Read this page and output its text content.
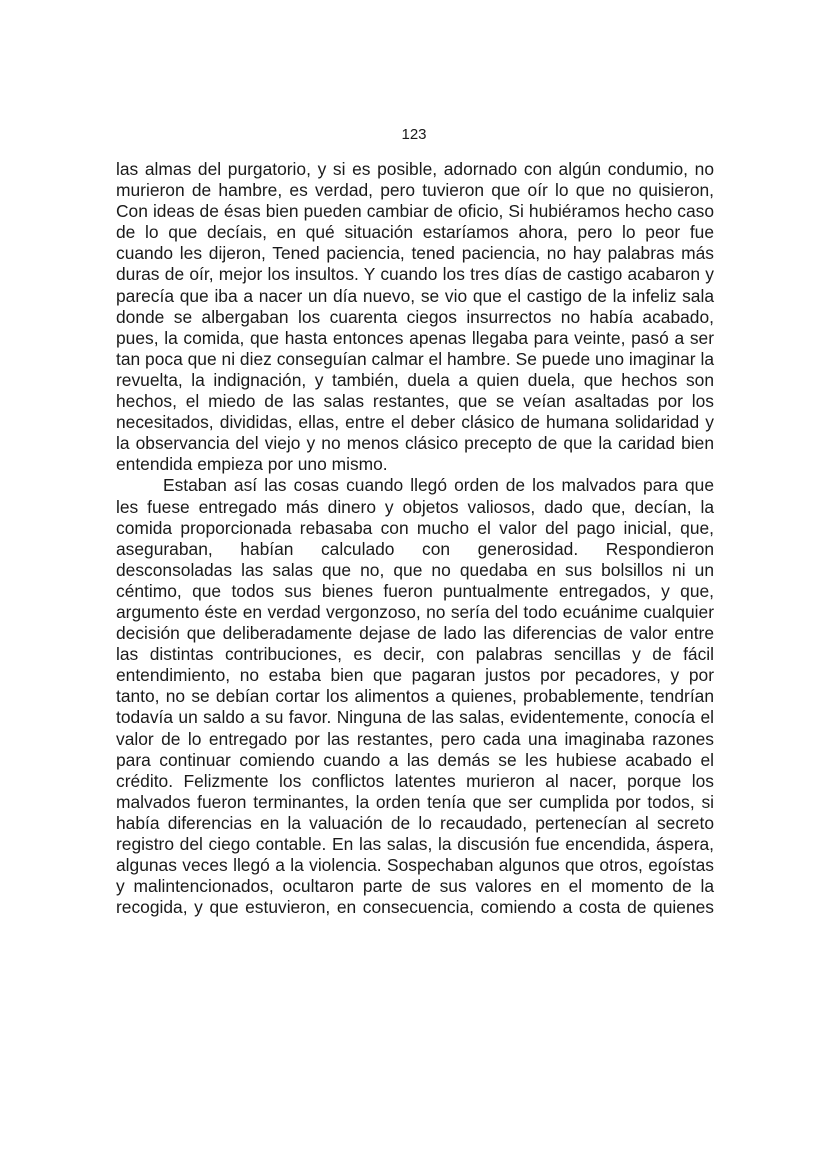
123

las almas del purgatorio, y si es posible, adornado con algún condumio, no murieron de hambre, es verdad, pero tuvieron que oír lo que no quisieron, Con ideas de ésas bien pueden cambiar de oficio, Si hubiéramos hecho caso de lo que decíais, en qué situación estaríamos ahora, pero lo peor fue cuando les dijeron, Tened paciencia, tened paciencia, no hay palabras más duras de oír, mejor los insultos. Y cuando los tres días de castigo acabaron y parecía que iba a nacer un día nuevo, se vio que el castigo de la infeliz sala donde se albergaban los cuarenta ciegos insurrectos no había acabado, pues, la comida, que hasta entonces apenas llegaba para veinte, pasó a ser tan poca que ni diez conseguían calmar el hambre. Se puede uno imaginar la revuelta, la indignación, y también, duela a quien duela, que hechos son hechos, el miedo de las salas restantes, que se veían asaltadas por los necesitados, divididas, ellas, entre el deber clásico de humana solidaridad y la observancia del viejo y no menos clásico precepto de que la caridad bien entendida empieza por uno mismo.

Estaban así las cosas cuando llegó orden de los malvados para que les fuese entregado más dinero y objetos valiosos, dado que, decían, la comida proporcionada rebasaba con mucho el valor del pago inicial, que, aseguraban, habían calculado con generosidad. Respondieron desconsoladas las salas que no, que no quedaba en sus bolsillos ni un céntimo, que todos sus bienes fueron puntualmente entregados, y que, argumento éste en verdad vergonzoso, no sería del todo ecuánime cualquier decisión que deliberadamente dejase de lado las diferencias de valor entre las distintas contribuciones, es decir, con palabras sencillas y de fácil entendimiento, no estaba bien que pagaran justos por pecadores, y por tanto, no se debían cortar los alimentos a quienes, probablemente, tendrían todavía un saldo a su favor. Ninguna de las salas, evidentemente, conocía el valor de lo entregado por las restantes, pero cada una imaginaba razones para continuar comiendo cuando a las demás se les hubiese acabado el crédito. Felizmente los conflictos latentes murieron al nacer, porque los malvados fueron terminantes, la orden tenía que ser cumplida por todos, si había diferencias en la valuación de lo recaudado, pertenecían al secreto registro del ciego contable. En las salas, la discusión fue encendida, áspera, algunas veces llegó a la violencia. Sospechaban algunos que otros, egoístas y malintencionados, ocultaron parte de sus valores en el momento de la recogida, y que estuvieron, en consecuencia, comiendo a costa de quienes
